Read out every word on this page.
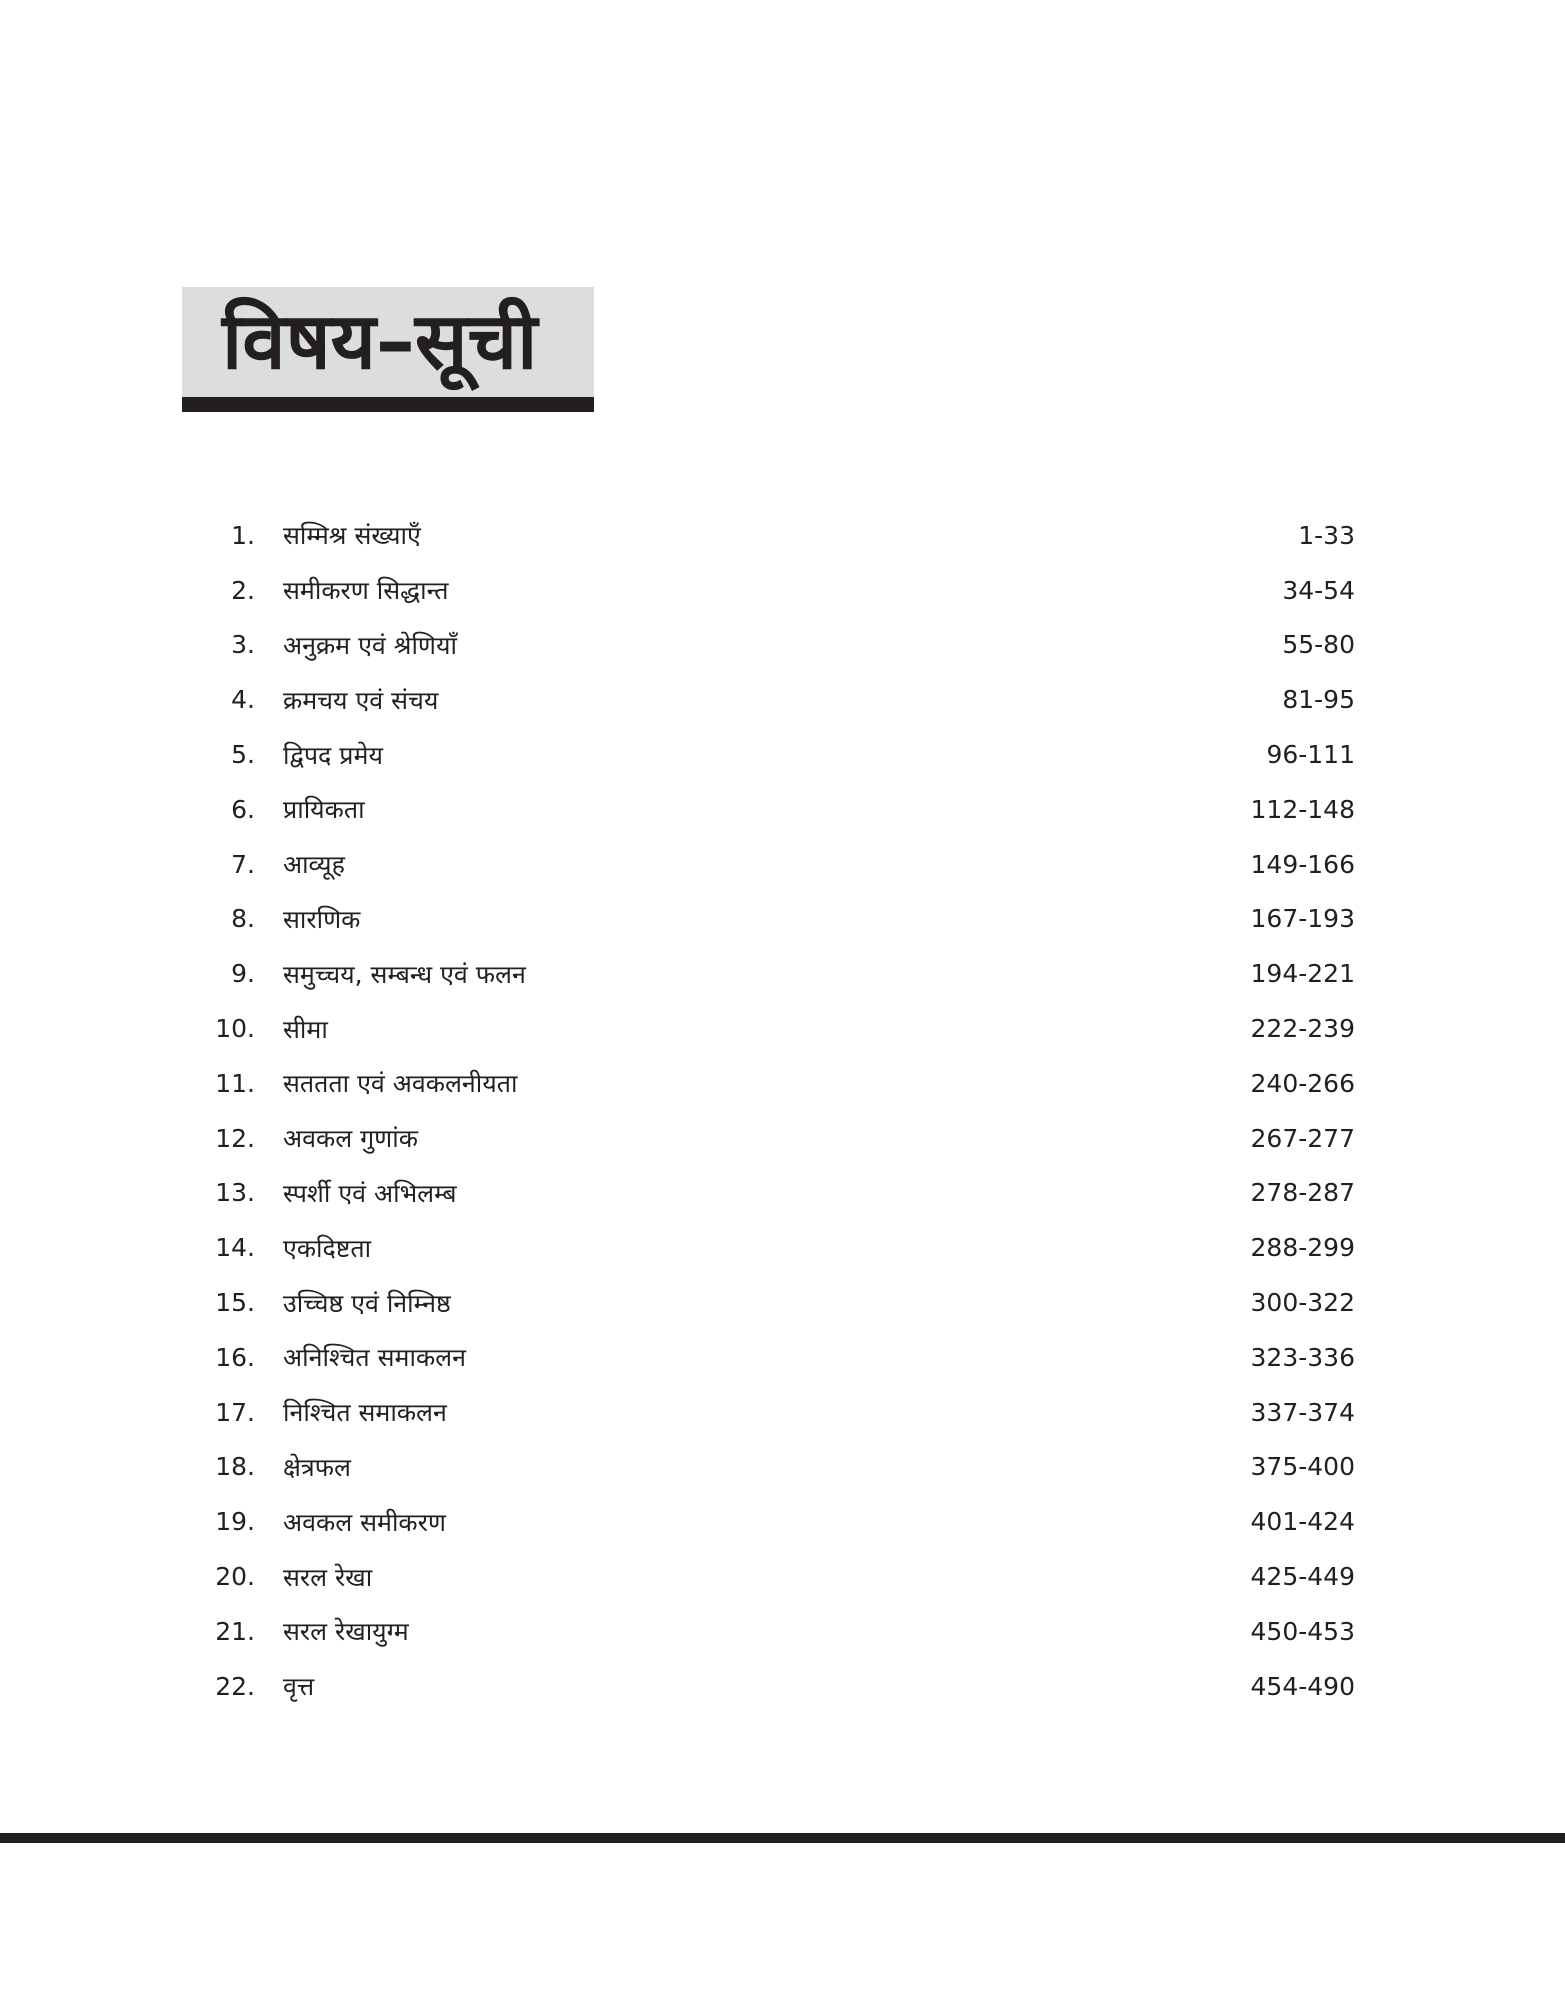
विषय–सूची
1. सम्मिश्र संख्याएँ	1-33
2. समीकरण सिद्धान्त	34-54
3. अनुक्रम एवं श्रेणियाँ	55-80
4. क्रमचय एवं संचय	81-95
5. द्विपद प्रमेय	96-111
6. प्रायिकता	112-148
7. आव्यूह	149-166
8. सारणिक	167-193
9. समुच्चय, सम्बन्ध एवं फलन	194-221
10. सीमा	222-239
11. सततता एवं अवकलनीयता	240-266
12. अवकल गुणांक	267-277
13. स्पर्शी एवं अभिलम्ब	278-287
14. एकदिष्टता	288-299
15. उच्चिष्ठ एवं निम्निष्ठ	300-322
16. अनिश्चित समाकलन	323-336
17. निश्चित समाकलन	337-374
18. क्षेत्रफल	375-400
19. अवकल समीकरण	401-424
20. सरल रेखा	425-449
21. सरल रेखायुग्म	450-453
22. वृत्त	454-490
